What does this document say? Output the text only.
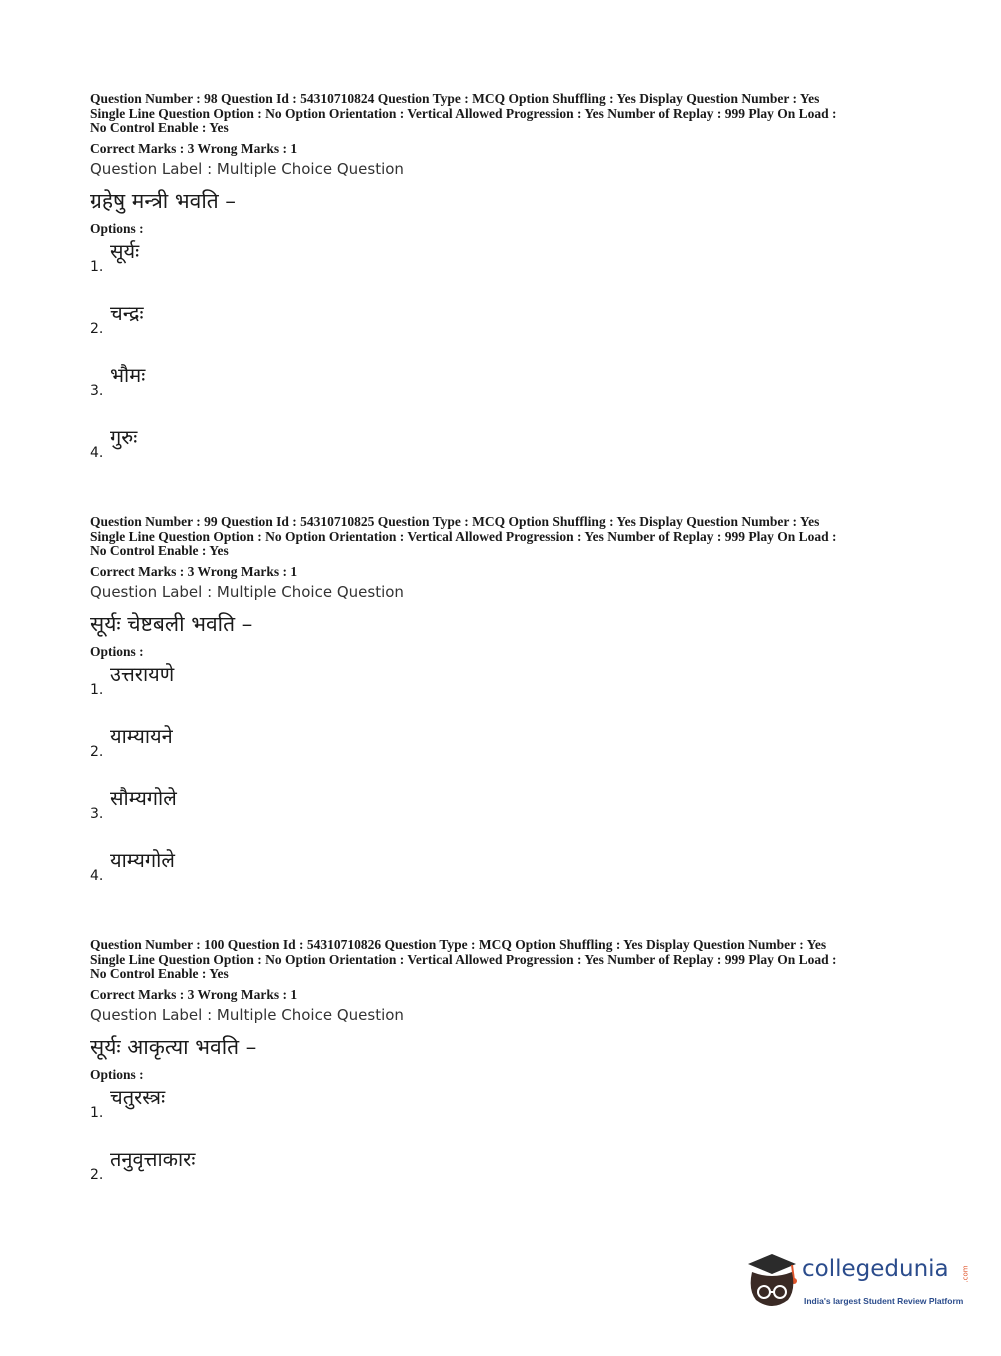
Question Number : 98 Question Id : 54310710824 Question Type : MCQ Option Shuffling : Yes Display Question Number : Yes

Single Line Question Option : No Option Orientation : Vertical Allowed Progression : Yes Number of Replay : 999 Play On Load :

No Control Enable : Yes

Correct Marks : 3 Wrong Marks : 1
Question Label : Multiple Choice Question
ग्रहेषु मन्त्री भवति –
Options :
1.
सूर्यः
2.
चन्द्रः
3.
भौमः
4.
गुरुः

Question Number : 99 Question Id : 54310710825 Question Type : MCQ Option Shuffling : Yes Display Question Number : Yes

Single Line Question Option : No Option Orientation : Vertical Allowed Progression : Yes Number of Replay : 999 Play On Load :

No Control Enable : Yes

Correct Marks : 3 Wrong Marks : 1
Question Label : Multiple Choice Question
सूर्यः चेष्टबली भवति –
Options :
1.
उत्तरायणे
2.
याम्यायने
3.
सौम्यगोले
4.
याम्यगोले

Question Number : 100 Question Id : 54310710826 Question Type : MCQ Option Shuffling : Yes Display Question Number : Yes

Single Line Question Option : No Option Orientation : Vertical Allowed Progression : Yes Number of Replay : 999 Play On Load :

No Control Enable : Yes

Correct Marks : 3 Wrong Marks : 1
Question Label : Multiple Choice Question
सूर्यः आकृत्या भवति –
Options :
1.
चतुरस्त्रः
2.
तनुवृत्ताकारः
collegedunia .com
India's largest Student Review Platform
